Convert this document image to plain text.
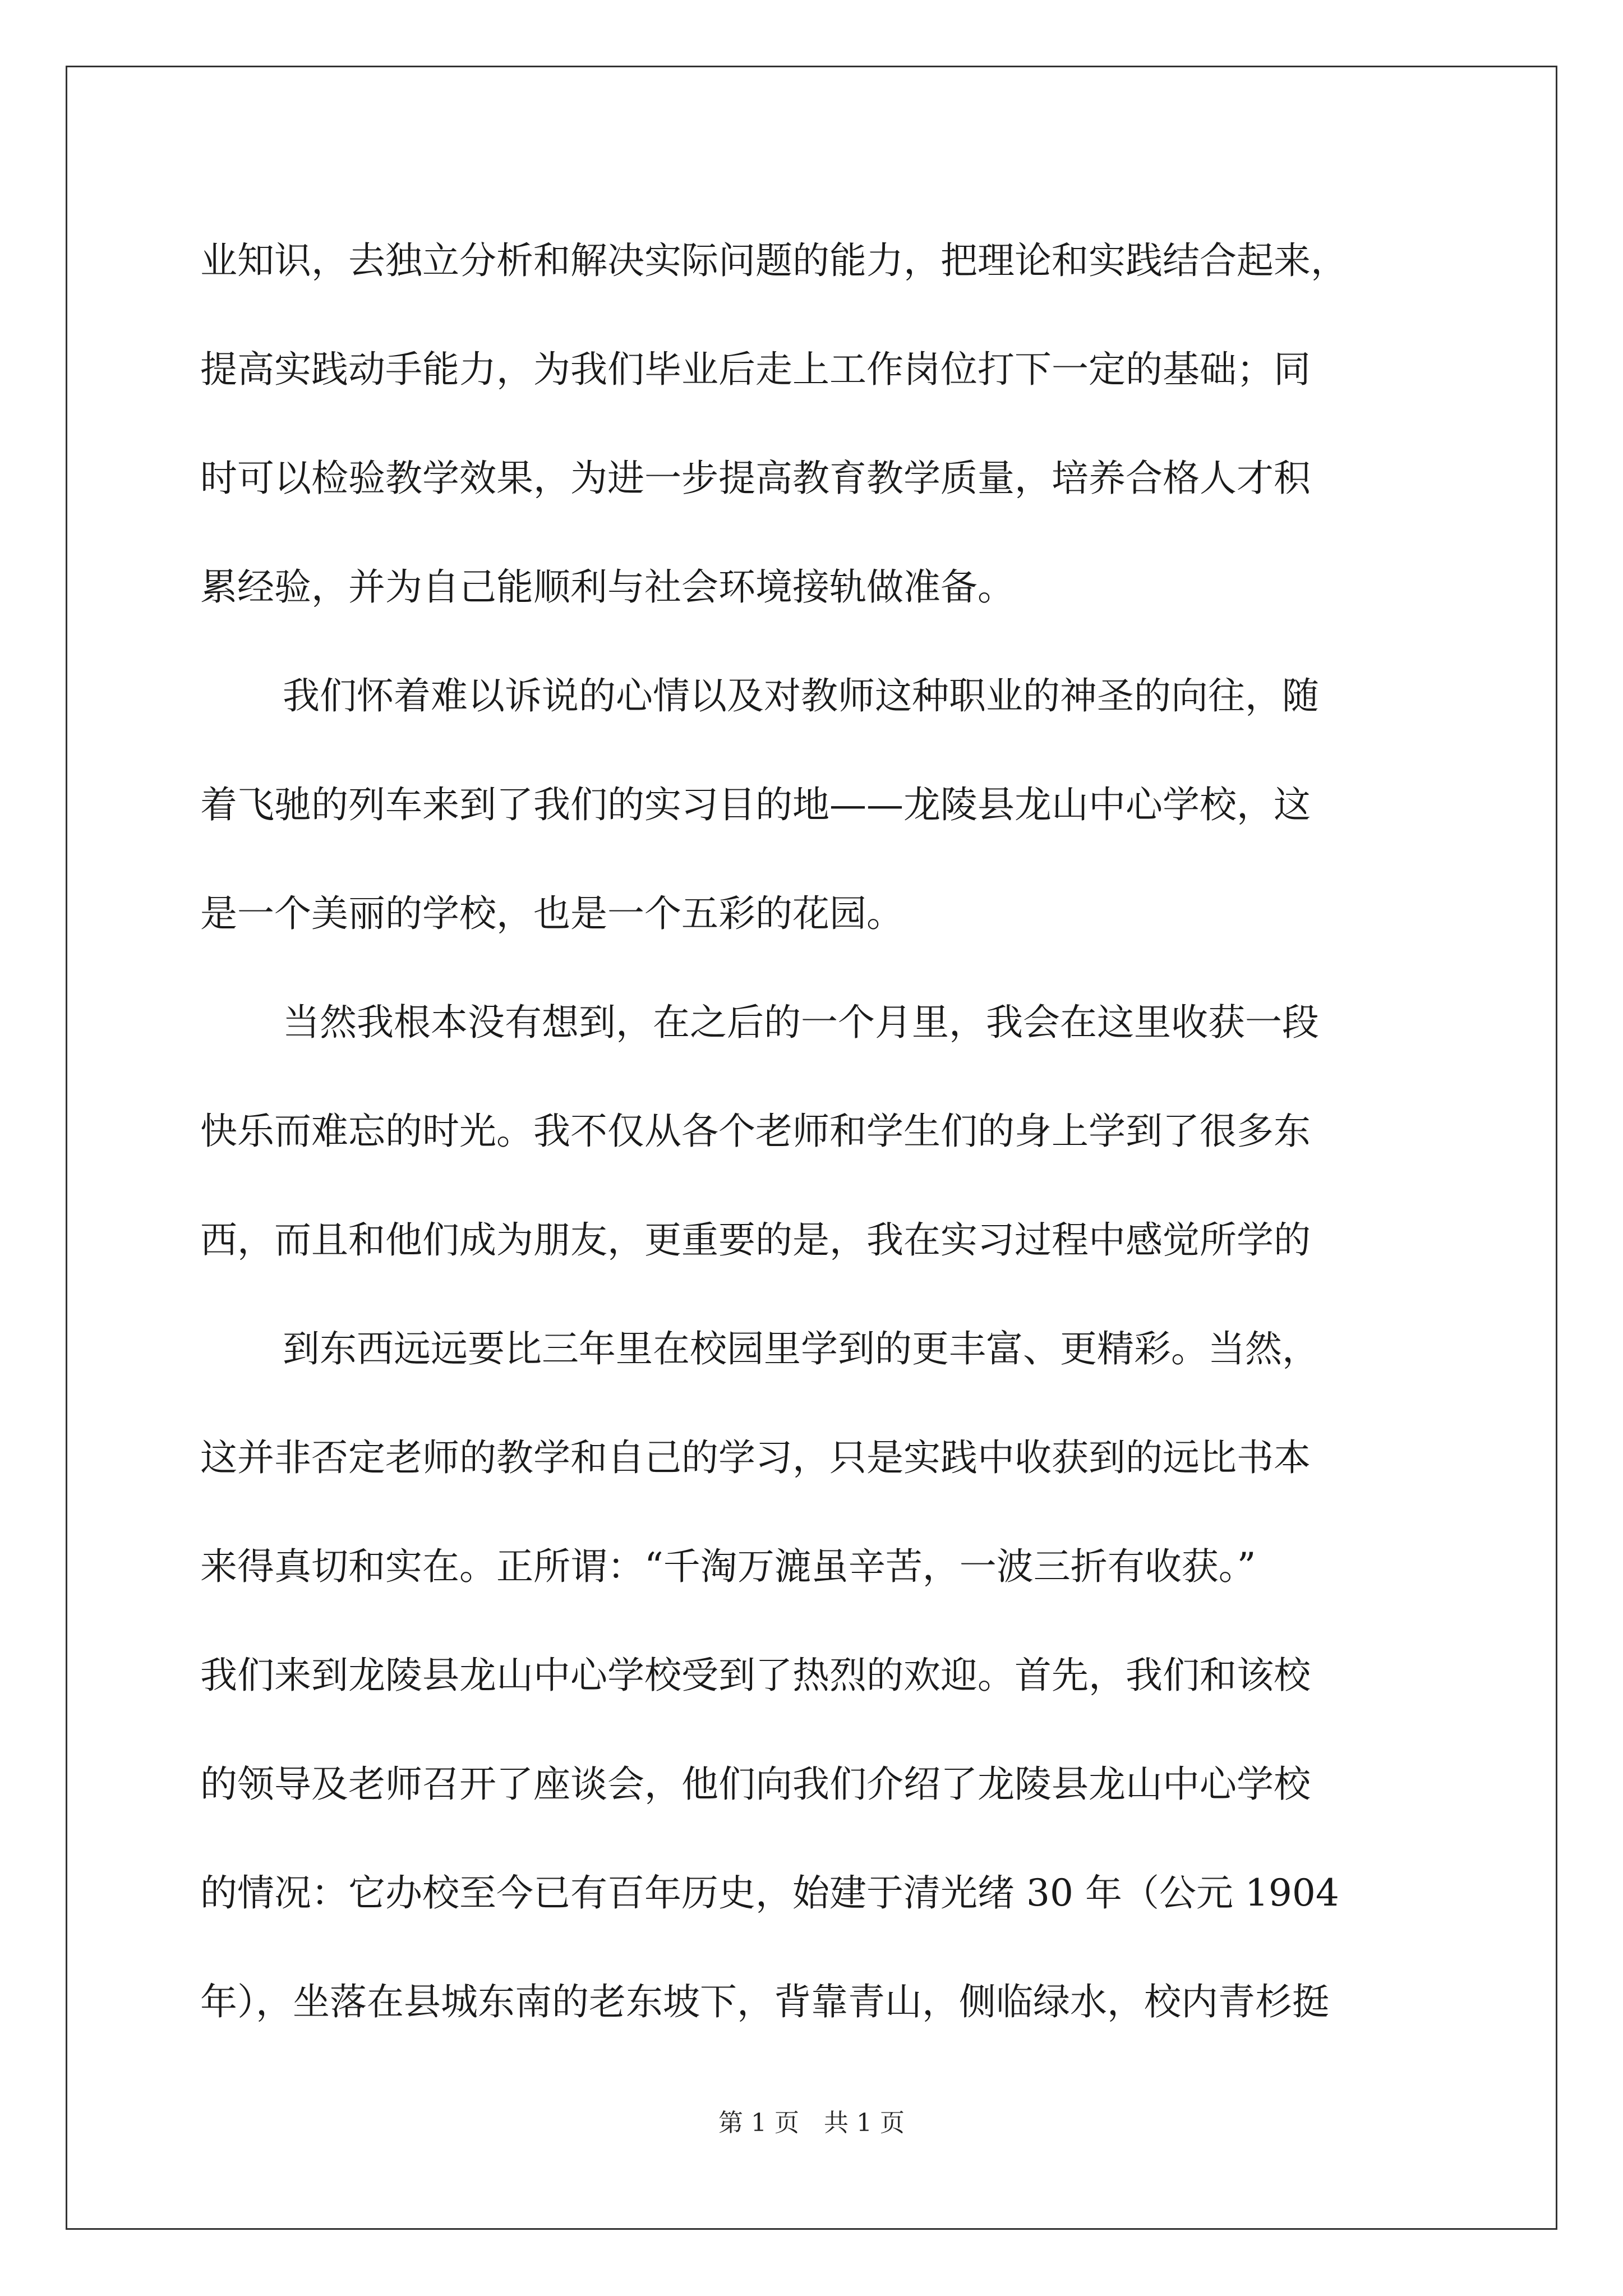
业知识，去独立分析和解决实际问题的能力，把理论和实践结合起来，
提高实践动手能力，为我们毕业后走上工作岗位打下一定的基础；同
时可以检验教学效果，为进一步提高教育教学质量，培养合格人才积
累经验，并为自己能顺利与社会环境接轨做准备。
我们怀着难以诉说的心情以及对教师这种职业的神圣的向往，随
着飞驰的列车来到了我们的实习目的地——龙陵县龙山中心学校，这
是一个美丽的学校，也是一个五彩的花园。
当然我根本没有想到，在之后的一个月里，我会在这里收获一段
快乐而难忘的时光。我不仅从各个老师和学生们的身上学到了很多东
西，而且和他们成为朋友，更重要的是，我在实习过程中感觉所学的
到东西远远要比三年里在校园里学到的更丰富、更精彩。当然，
这并非否定老师的教学和自己的学习，只是实践中收获到的远比书本
来得真切和实在。正所谓：“千淘万漉虽辛苦，一波三折有收获。”
我们来到龙陵县龙山中心学校受到了热烈的欢迎。首先，我们和该校
的领导及老师召开了座谈会，他们向我们介绍了龙陵县龙山中心学校
的情况：它办校至今已有百年历史，始建于清光绪 30 年（公元 1904
年），坐落在县城东南的老东坡下，背靠青山，侧临绿水，校内青杉挺
第 1 页 共 1 页
